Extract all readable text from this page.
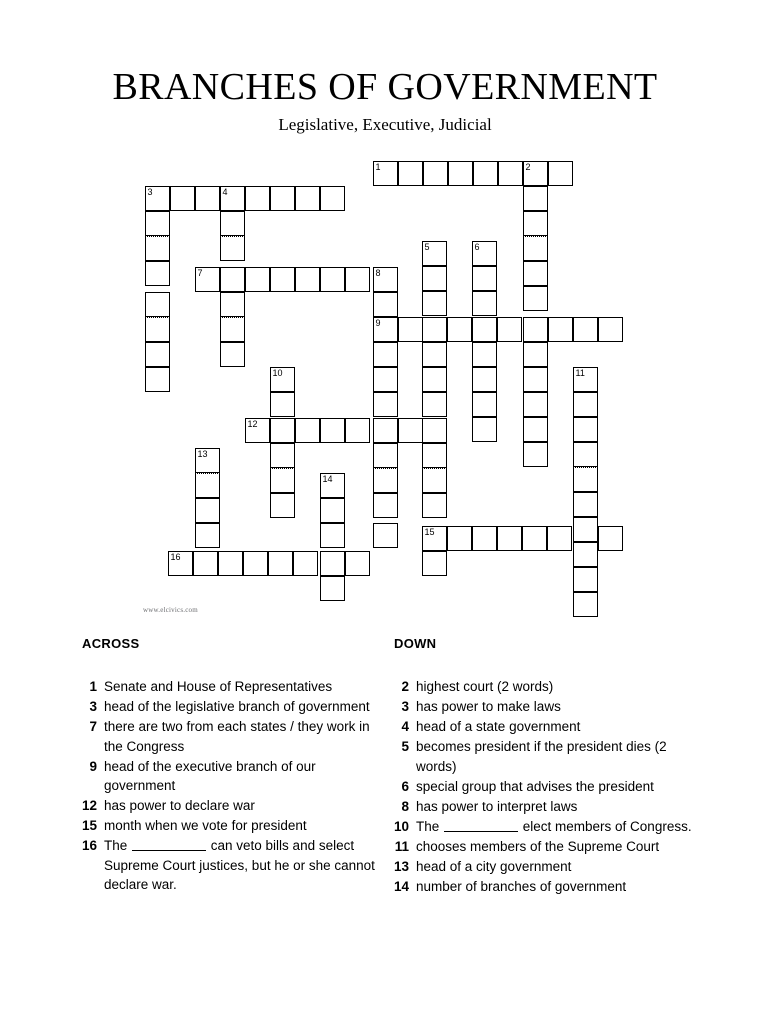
BRANCHES OF GOVERNMENT

Legislative, Executive, Judicial

1	2
3	4
5	6
7	8
9
10	11
12
13
14
15
16
www.elcivics.com
ACROSS
1 Senate and House of Representatives
3 head of the legislative branch of government
7 there are two from each states / they work in the Congress
9 head of the executive branch of our government
12 has power to declare war
15 month when we vote for president
16 The	can veto bills and select Supreme Court justices, but he or she cannot declare war.
DOWN
2 highest court (2 words)
3 has power to make laws
4 head of a state government
5 becomes president if the president dies (2 words)
6 special group that advises the president
8 has power to interpret laws
10 The	elect members of Congress.
11 chooses members of the Supreme Court
13 head of a city government
14 number of branches of government
